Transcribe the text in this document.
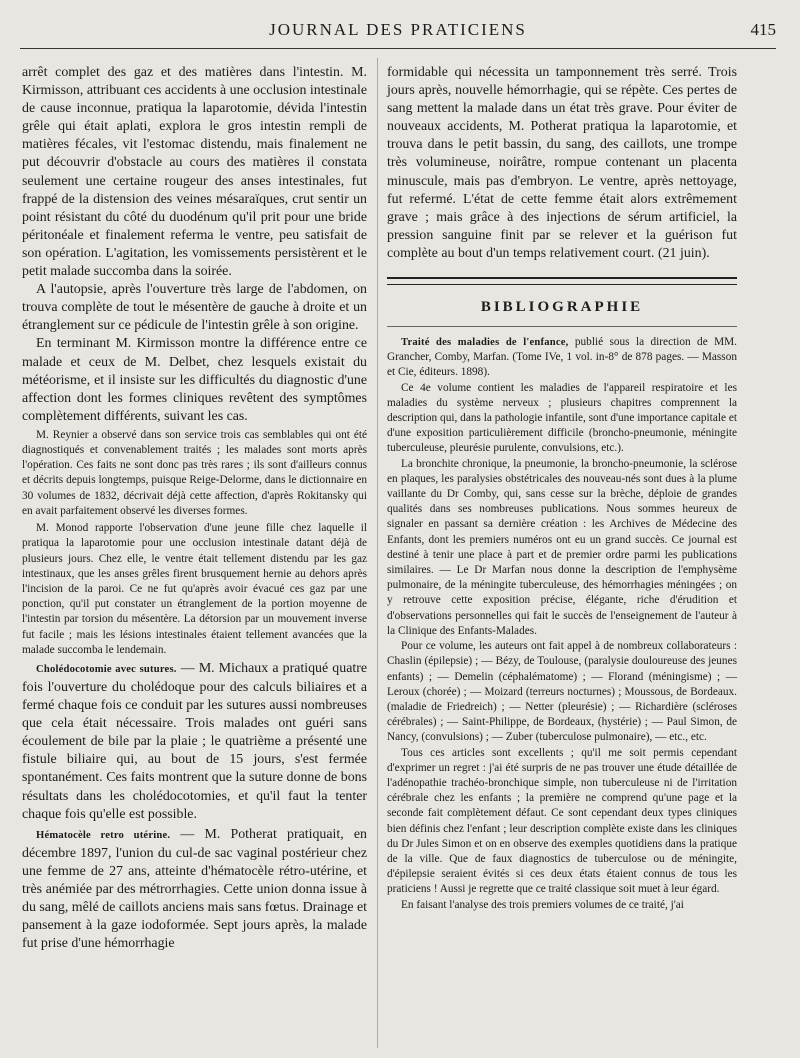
JOURNAL DES PRATICIENS	415

arrêt complet des gaz et des matières dans l'intestin. M. Kirmisson, attribuant ces accidents à une occlusion intestinale de cause inconnue, pratiqua la laparotomie, dévida l'intestin grêle qui était aplati, explora le gros intestin rempli de matières fécales, vit l'estomac distendu, mais finalement ne put découvrir d'obstacle au cours des matières il constata seulement une certaine rougeur des anses intestinales, fut frappé de la distension des veines mésaraïques, crut sentir un point résistant du côté du duodénum qu'il prit pour une bride péritonéale et finalement referma le ventre, peu satisfait de son opération. L'agitation, les vomissements persistèrent et le petit malade succomba dans la soirée.

A l'autopsie, après l'ouverture très large de l'abdomen, on trouva complète de tout le mésentère de gauche à droite et un étranglement sur ce pédicule de l'intestin grêle à son origine.

En terminant M. Kirmisson montre la différence entre ce malade et ceux de M. Delbet, chez lesquels existait du météorisme, et il insiste sur les difficultés du diagnostic d'une affection dont les formes cliniques revêtent des symptômes complètement différents, suivant les cas.

M. Reynier a observé dans son service trois cas semblables qui ont été diagnostiqués et convenablement traités ; les malades sont morts après l'opération. Ces faits ne sont donc pas très rares ; ils sont d'ailleurs connus et décrits depuis longtemps, puisque Reige-Delorme, dans le dictionnaire en 30 volumes de 1832, décrivait déjà cette affection, d'après Rokitansky qui en avait parfaitement observé les diverses formes.

M. Monod rapporte l'observation d'une jeune fille chez laquelle il pratiqua la laparotomie pour une occlusion intestinale datant déjà de plusieurs jours. Chez elle, le ventre était tellement distendu par les gaz intestinaux, que les anses grêles firent brusquement hernie au dehors après l'incision de la paroi. Ce ne fut qu'après avoir évacué ces gaz par une ponction, qu'il put constater un étranglement de la portion moyenne de l'intestin par torsion du mésentère. La détorsion par un mouvement inverse fut facile ; mais les lésions intestinales étaient tellement avancées que la malade succomba le lendemain.

Cholédocotomie avec sutures. — M. Michaux a pratiqué quatre fois l'ouverture du cholédoque pour des calculs biliaires et a fermé chaque fois ce conduit par les sutures aussi nombreuses que cela était nécessaire. Trois malades ont guéri sans écoulement de bile par la plaie ; le quatrième a présenté une fistule biliaire qui, au bout de 15 jours, s'est fermée spontanément. Ces faits montrent que la suture donne de bons résultats dans les cholédocotomies, et qu'il faut la tenter chaque fois qu'elle est possible.

Hématocèle retro utérine. — M. Potherat pratiquait, en décembre 1897, l'union du cul-de sac vaginal postérieur chez une femme de 27 ans, atteinte d'hématocèle rétro-utérine, et très anémiée par des métrorrhagies. Cette union donna issue à du sang, mêlé de caillots anciens mais sans fœtus. Drainage et pansement à la gaze iodoformée. Sept jours après, la malade fut prise d'une hémorrhagie

formidable qui nécessita un tamponnement très serré. Trois jours après, nouvelle hémorrhagie, qui se répète. Ces pertes de sang mettent la malade dans un état très grave. Pour éviter de nouveaux accidents, M. Potherat pratiqua la laparotomie, et trouva dans le petit bassin, du sang, des caillots, une trompe très volumineuse, noirâtre, rompue contenant un placenta minuscule, mais pas d'embryon. Le ventre, après nettoyage, fut refermé. L'état de cette femme était alors extrêmement grave ; mais grâce à des injections de sérum artificiel, la pression sanguine finit par se relever et la guérison fut complète au bout d'un temps relativement court. (21 juin).

BIBLIOGRAPHIE

Traité des maladies de l'enfance, publié sous la direction de MM. Grancher, Comby, Marfan. (Tome IVe, 1 vol. in-8° de 878 pages. — Masson et Cie, éditeurs. 1898).

Ce 4e volume contient les maladies de l'appareil respiratoire et les maladies du système nerveux ; plusieurs chapitres comprennent la description qui, dans la pathologie infantile, sont d'une importance capitale et d'une exposition particulièrement difficile (broncho-pneumonie, méningite tuberculeuse, pleurésie purulente, convulsions, etc.).

La bronchite chronique, la pneumonie, la broncho-pneumonie, la sclérose en plaques, les paralysies obstétricales des nouveau-nés sont dues à la plume vaillante du Dr Comby, qui, sans cesse sur la brèche, déploie de grandes qualités dans ses nombreuses publications. Nous sommes heureux de signaler en passant sa dernière création : les Archives de Médecine des Enfants, dont les premiers numéros ont eu un grand succès. Ce journal est destiné à tenir une place à part et de premier ordre parmi les publications similaires. — Le Dr Marfan nous donne la description de l'emphysème pulmonaire, de la méningite tuberculeuse, des hémorrhagies méningées ; on y retrouve cette exposition précise, élégante, riche d'érudition et d'observations personnelles qui fait le succès de l'enseignement de l'auteur à la Clinique des Enfants-Malades.

Pour ce volume, les auteurs ont fait appel à de nombreux collaborateurs : Chaslin (épilepsie) ; — Bézy, de Toulouse, (paralysie douloureuse des jeunes enfants) ; — Demelin (céphalématome) ; — Florand (méningisme) ; — Leroux (chorée) ; — Moizard (terreurs nocturnes) ; Moussous, de Bordeaux. (maladie de Friedreich) ; — Netter (pleurésie) ; — Richardière (scléroses cérébrales) ; — Saint-Philippe, de Bordeaux, (hystérie) ; — Paul Simon, de Nancy, (convulsions) ; — Zuber (tuberculose pulmonaire), — etc., etc.

Tous ces articles sont excellents ; qu'il me soit permis cependant d'exprimer un regret : j'ai été surpris de ne pas trouver une étude détaillée de l'adénopathie trachéo-bronchique simple, non tuberculeuse ni de l'irritation cérébrale chez les enfants ; la première ne comprend qu'une page et la seconde fait complètement défaut. Ce sont cependant deux types cliniques bien définis chez l'enfant ; leur description complète existe dans les cliniques du Dr Jules Simon et on en observe des exemples quotidiens dans la pratique de la ville. Que de faux diagnostics de tuberculose ou de méningite, d'épilepsie seraient évités si ces deux états étaient connus de tous les praticiens ! Aussi je regrette que ce traité classique soit muet à leur égard.

En faisant l'analyse des trois premiers volumes de ce traité, j'ai
